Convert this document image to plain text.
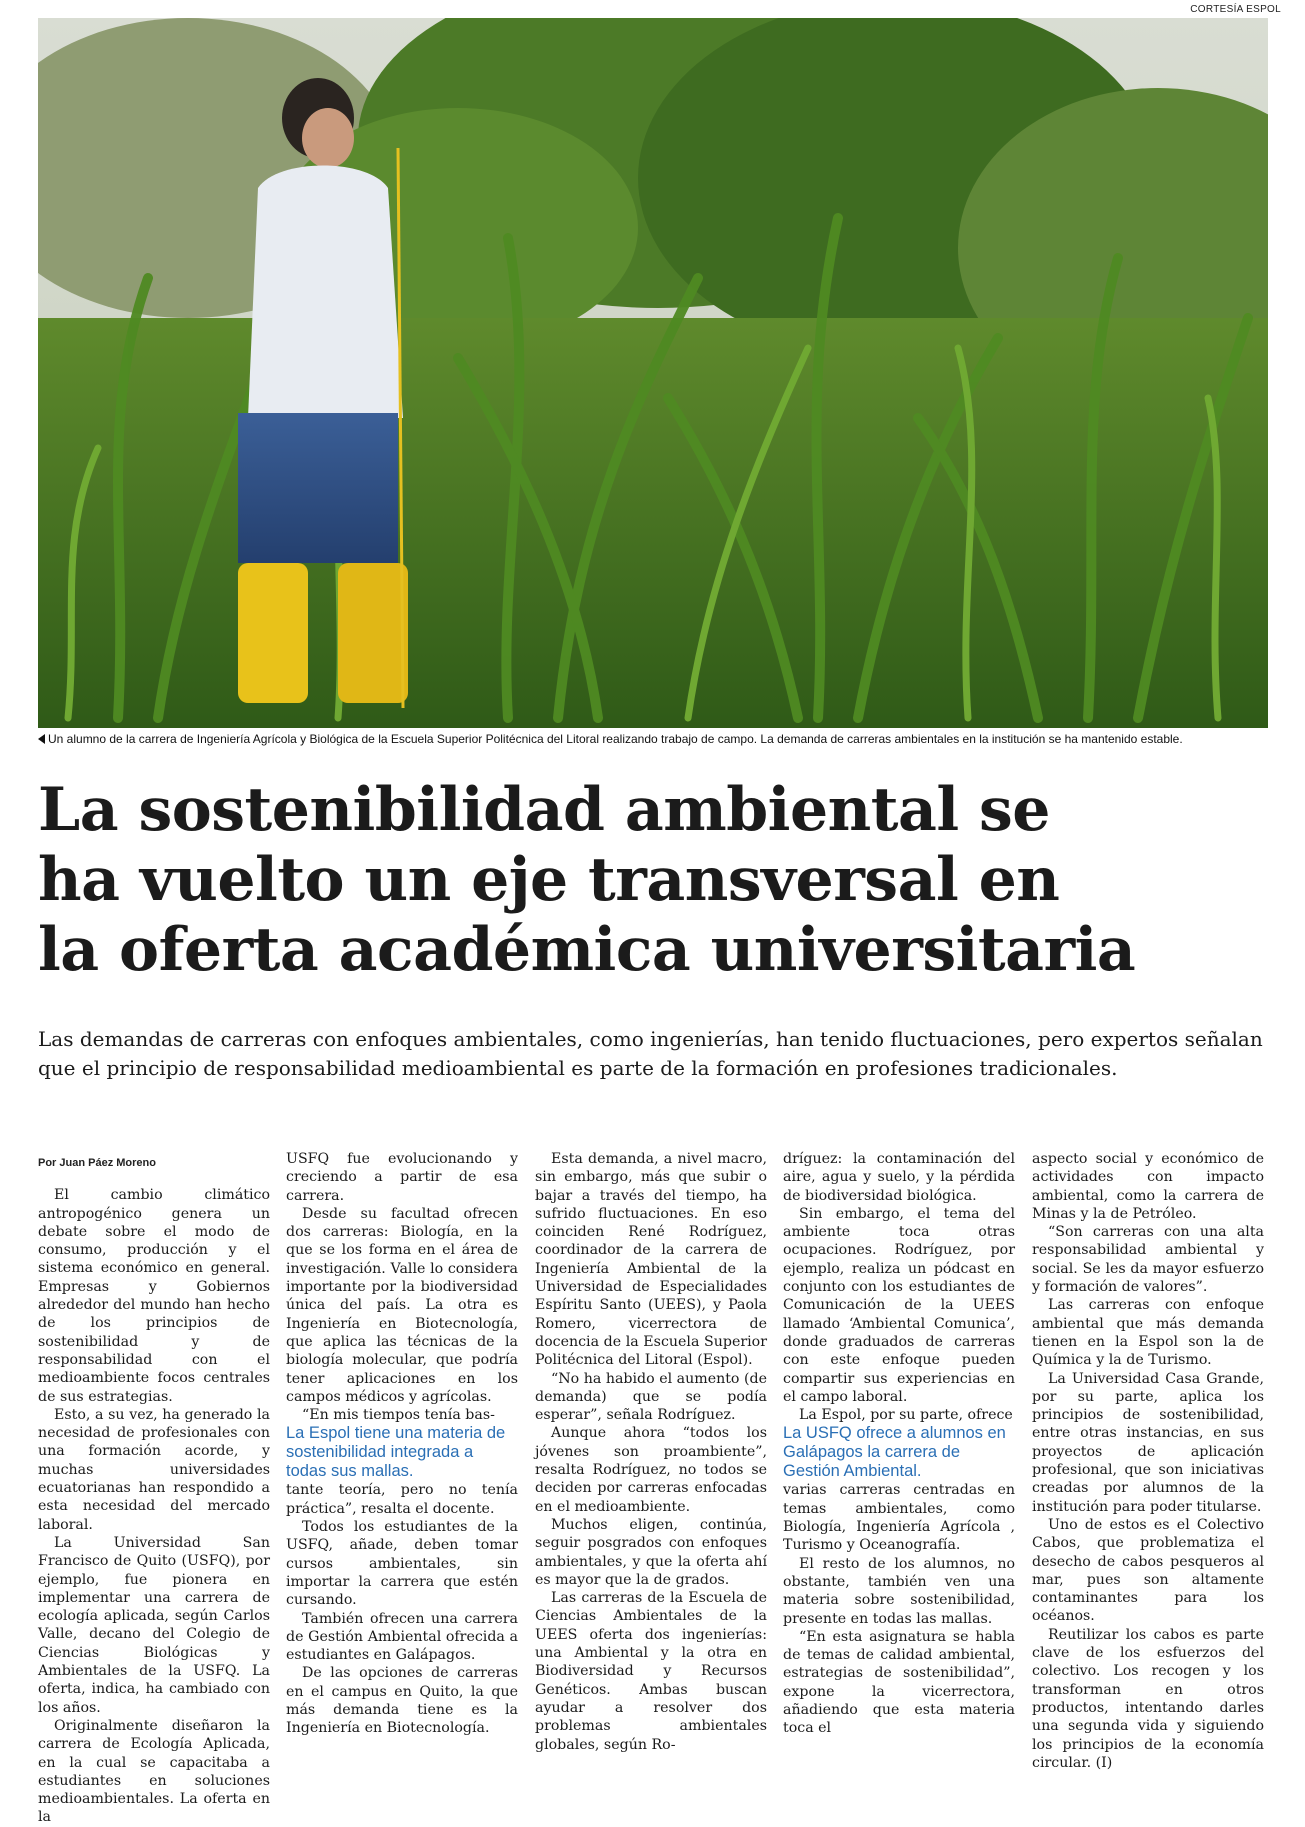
CORTESÍA ESPOL
Un alumno de la carrera de Ingeniería Agrícola y Biológica de la Escuela Superior Politécnica del Litoral realizando trabajo de campo. La demanda de carreras ambientales en la institución se ha mantenido estable.
La sostenibilidad ambiental se
ha vuelto un eje transversal en
la oferta académica universitaria

Las demandas de carreras con enfoques ambientales, como ingenierías, han tenido fluctuaciones, pero expertos señalan que el principio de responsabilidad medioambiental es parte de la formación en profesiones tradicionales.

Por Juan Páez Moreno

El cambio climático antropogénico genera un debate sobre el modo de consumo, producción y el sistema económico en general. Empresas y Gobiernos alrededor del mundo han hecho de los principios de sostenibilidad y de responsabilidad con el medioambiente focos centrales de sus estrategias.

Esto, a su vez, ha generado la necesidad de profesionales con una formación acorde, y muchas universidades ecuatorianas han respondido a esta necesidad del mercado laboral.

La Universidad San Francisco de Quito (USFQ), por ejemplo, fue pionera en implementar una carrera de ecología aplicada, según Carlos Valle, decano del Colegio de Ciencias Biológicas y Ambientales de la USFQ. La oferta, indica, ha cambiado con los años.

Originalmente diseñaron la carrera de Ecología Aplicada, en la cual se capacitaba a estudiantes en soluciones medioambientales. La oferta en la

USFQ fue evolucionando y creciendo a partir de esa carrera.

Desde su facultad ofrecen dos carreras: Biología, en la que se los forma en el área de investigación. Valle lo considera importante por la biodiversidad única del país. La otra es Ingeniería en Biotecnología, que aplica las técnicas de la biología molecular, que podría tener aplicaciones en los campos médicos y agrícolas.

“En mis tiempos tenía bas-

La Espol tiene una materia de sostenibilidad integrada a todas sus mallas.

tante teoría, pero no tenía práctica”, resalta el docente.

Todos los estudiantes de la USFQ, añade, deben tomar cursos ambientales, sin importar la carrera que estén cursando.

También ofrecen una carrera de Gestión Ambiental ofrecida a estudiantes en Galápagos.

De las opciones de carreras en el campus en Quito, la que más demanda tiene es la Ingeniería en Biotecnología.

Esta demanda, a nivel macro, sin embargo, más que subir o bajar a través del tiempo, ha sufrido fluctuaciones. En eso coinciden René Rodríguez, coordinador de la carrera de Ingeniería Ambiental de la Universidad de Especialidades Espíritu Santo (UEES), y Paola Romero, vicerrectora de docencia de la Escuela Superior Politécnica del Litoral (Espol).

“No ha habido el aumento (de demanda) que se podía esperar”, señala Rodríguez.

Aunque ahora “todos los jóvenes son proambiente”, resalta Rodríguez, no todos se deciden por carreras enfocadas en el medioambiente.

Muchos eligen, continúa, seguir posgrados con enfoques ambientales, y que la oferta ahí es mayor que la de grados.

Las carreras de la Escuela de Ciencias Ambientales de la UEES oferta dos ingenierías: una Ambiental y la otra en Biodiversidad y Recursos Genéticos. Ambas buscan ayudar a resolver dos problemas ambientales globales, según Ro-

dríguez: la contaminación del aire, agua y suelo, y la pérdida de biodiversidad biológica.

Sin embargo, el tema del ambiente toca otras ocupaciones. Rodríguez, por ejemplo, realiza un pódcast en conjunto con los estudiantes de Comunicación de la UEES llamado ‘Ambiental Comunica’, donde graduados de carreras con este enfoque pueden compartir sus experiencias en el campo laboral.

La Espol, por su parte, ofrece

La USFQ ofrece a alumnos en Galápagos la carrera de Gestión Ambiental.

varias carreras centradas en temas ambientales, como Biología, Ingeniería Agrícola , Turismo y Oceanografía.

El resto de los alumnos, no obstante, también ven una materia sobre sostenibilidad, presente en todas las mallas.

“En esta asignatura se habla de temas de calidad ambiental, estrategias de sostenibilidad”, expone la vicerrectora, añadiendo que esta materia toca el

aspecto social y económico de actividades con impacto ambiental, como la carrera de Minas y la de Petróleo.

“Son carreras con una alta responsabilidad ambiental y social. Se les da mayor esfuerzo y formación de valores”.

Las carreras con enfoque ambiental que más demanda tienen en la Espol son la de Química y la de Turismo.

La Universidad Casa Grande, por su parte, aplica los principios de sostenibilidad, entre otras instancias, en sus proyectos de aplicación profesional, que son iniciativas creadas por alumnos de la institución para poder titularse.

Uno de estos es el Colectivo Cabos, que problematiza el desecho de cabos pesqueros al mar, pues son altamente contaminantes para los océanos.

Reutilizar los cabos es parte clave de los esfuerzos del colectivo. Los recogen y los transforman en otros productos, intentando darles una segunda vida y siguiendo los principios de la economía circular. (I)
